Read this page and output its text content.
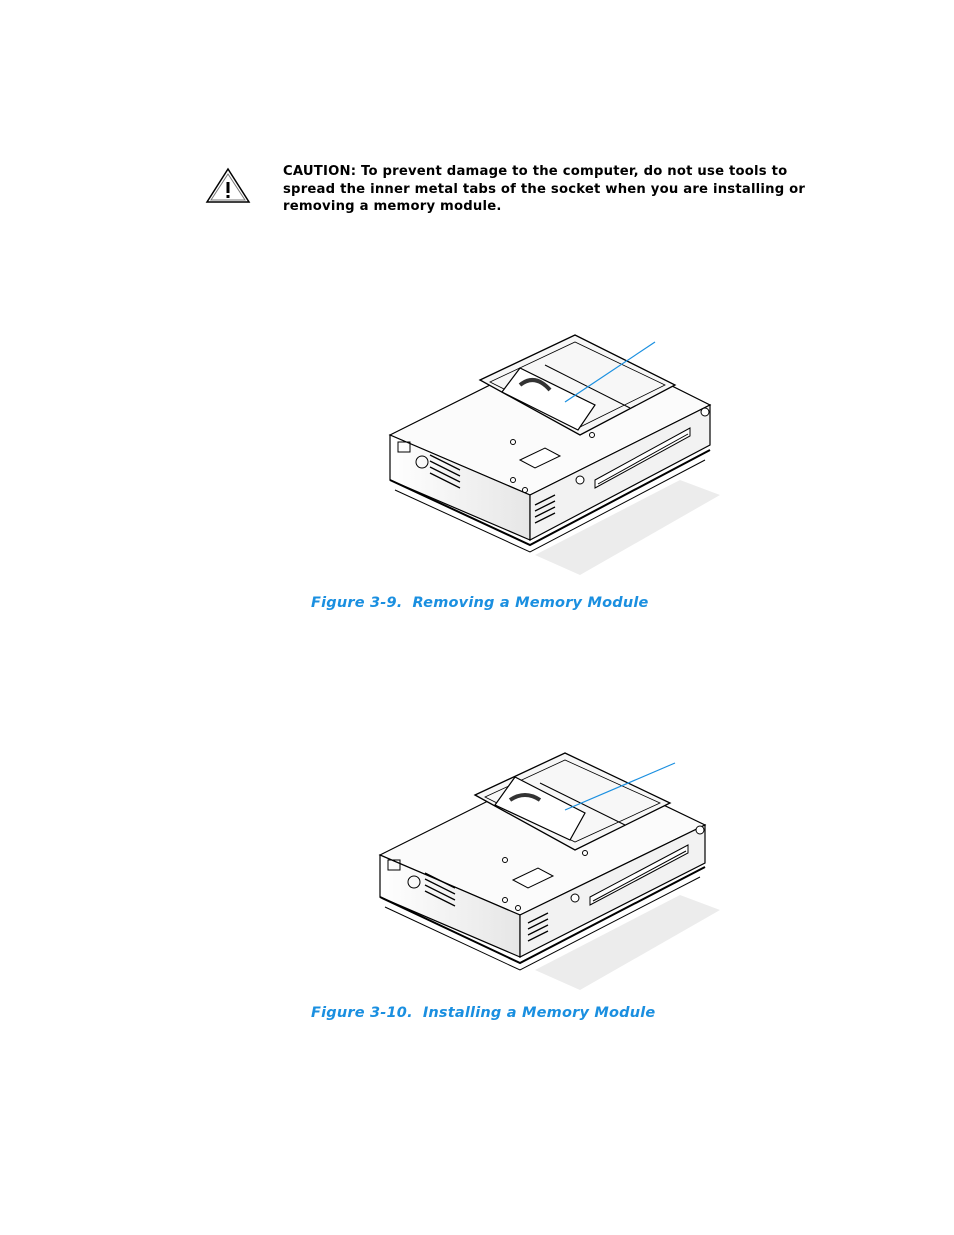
CAUTION: To prevent damage to the computer, do not use tools to spread the inner metal tabs of the socket when you are installing or removing a memory module.
Figure 3-9. Removing a Memory Module
Figure 3-10. Installing a Memory Module
